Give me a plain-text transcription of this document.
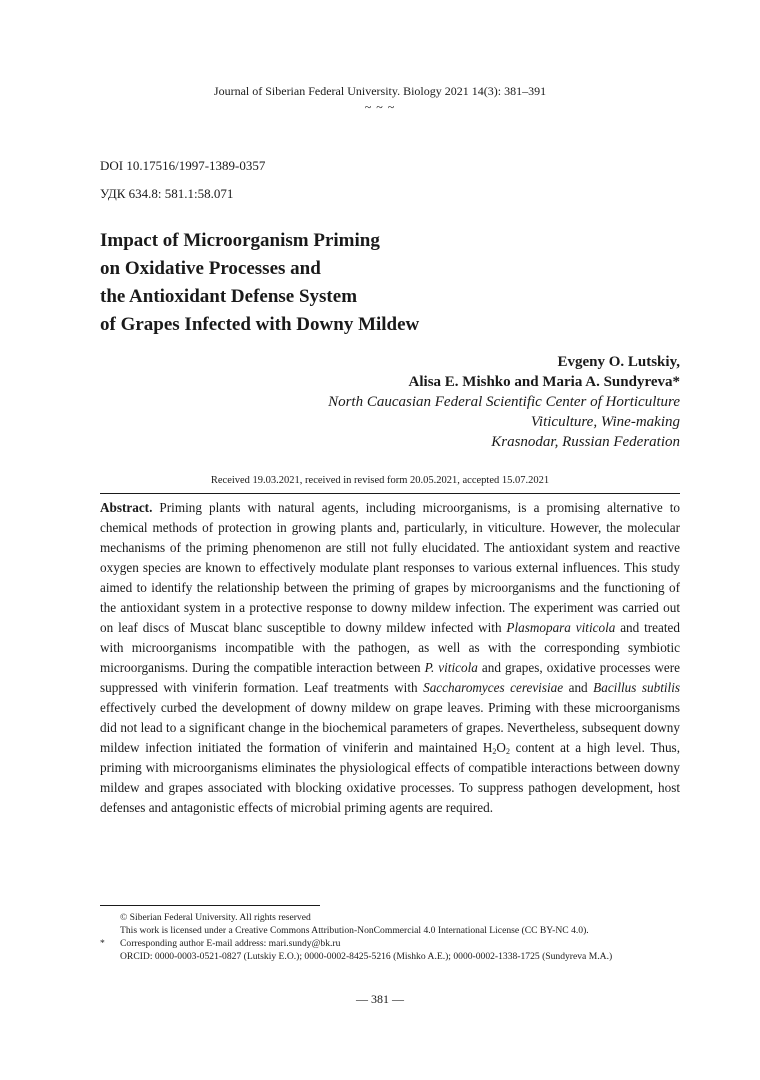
Journal of Siberian Federal University. Biology 2021 14(3): 381–391
~ ~ ~
DOI 10.17516/1997-1389-0357
УДК 634.8: 581.1:58.071
Impact of Microorganism Priming
on Oxidative Processes and
the Antioxidant Defense System
of Grapes Infected with Downy Mildew
Evgeny O. Lutskiy,
Alisa E. Mishko and Maria A. Sundyreva*
North Caucasian Federal Scientific Center of Horticulture
Viticulture, Wine-making
Krasnodar, Russian Federation
Received 19.03.2021, received in revised form 20.05.2021, accepted 15.07.2021
Abstract. Priming plants with natural agents, including microorganisms, is a promising alternative to chemical methods of protection in growing plants and, particularly, in viticulture. However, the molecular mechanisms of the priming phenomenon are still not fully elucidated. The antioxidant system and reactive oxygen species are known to effectively modulate plant responses to various external influences. This study aimed to identify the relationship between the priming of grapes by microorganisms and the functioning of the antioxidant system in a protective response to downy mildew infection. The experiment was carried out on leaf discs of Muscat blanc susceptible to downy mildew infected with Plasmopara viticola and treated with microorganisms incompatible with the pathogen, as well as with the corresponding symbiotic microorganisms. During the compatible interaction between P. viticola and grapes, oxidative processes were suppressed with viniferin formation. Leaf treatments with Saccharomyces cerevisiae and Bacillus subtilis effectively curbed the development of downy mildew on grape leaves. Priming with these microorganisms did not lead to a significant change in the biochemical parameters of grapes. Nevertheless, subsequent downy mildew infection initiated the formation of viniferin and maintained $H_2O_2$ content at a high level. Thus, priming with microorganisms eliminates the physiological effects of compatible interactions between downy mildew and grapes associated with blocking oxidative processes. To suppress pathogen development, host defenses and antagonistic effects of microbial priming agents are required.
© Siberian Federal University. All rights reserved
This work is licensed under a Creative Commons Attribution-NonCommercial 4.0 International License (CC BY-NC 4.0).
*	Corresponding author E-mail address: mari.sundy@bk.ru
ORCID: 0000-0003-0521-0827 (Lutskiy E.O.); 0000-0002-8425-5216 (Mishko A.E.); 0000-0002-1338-1725 (Sundyreva M.A.)
— 381 —
